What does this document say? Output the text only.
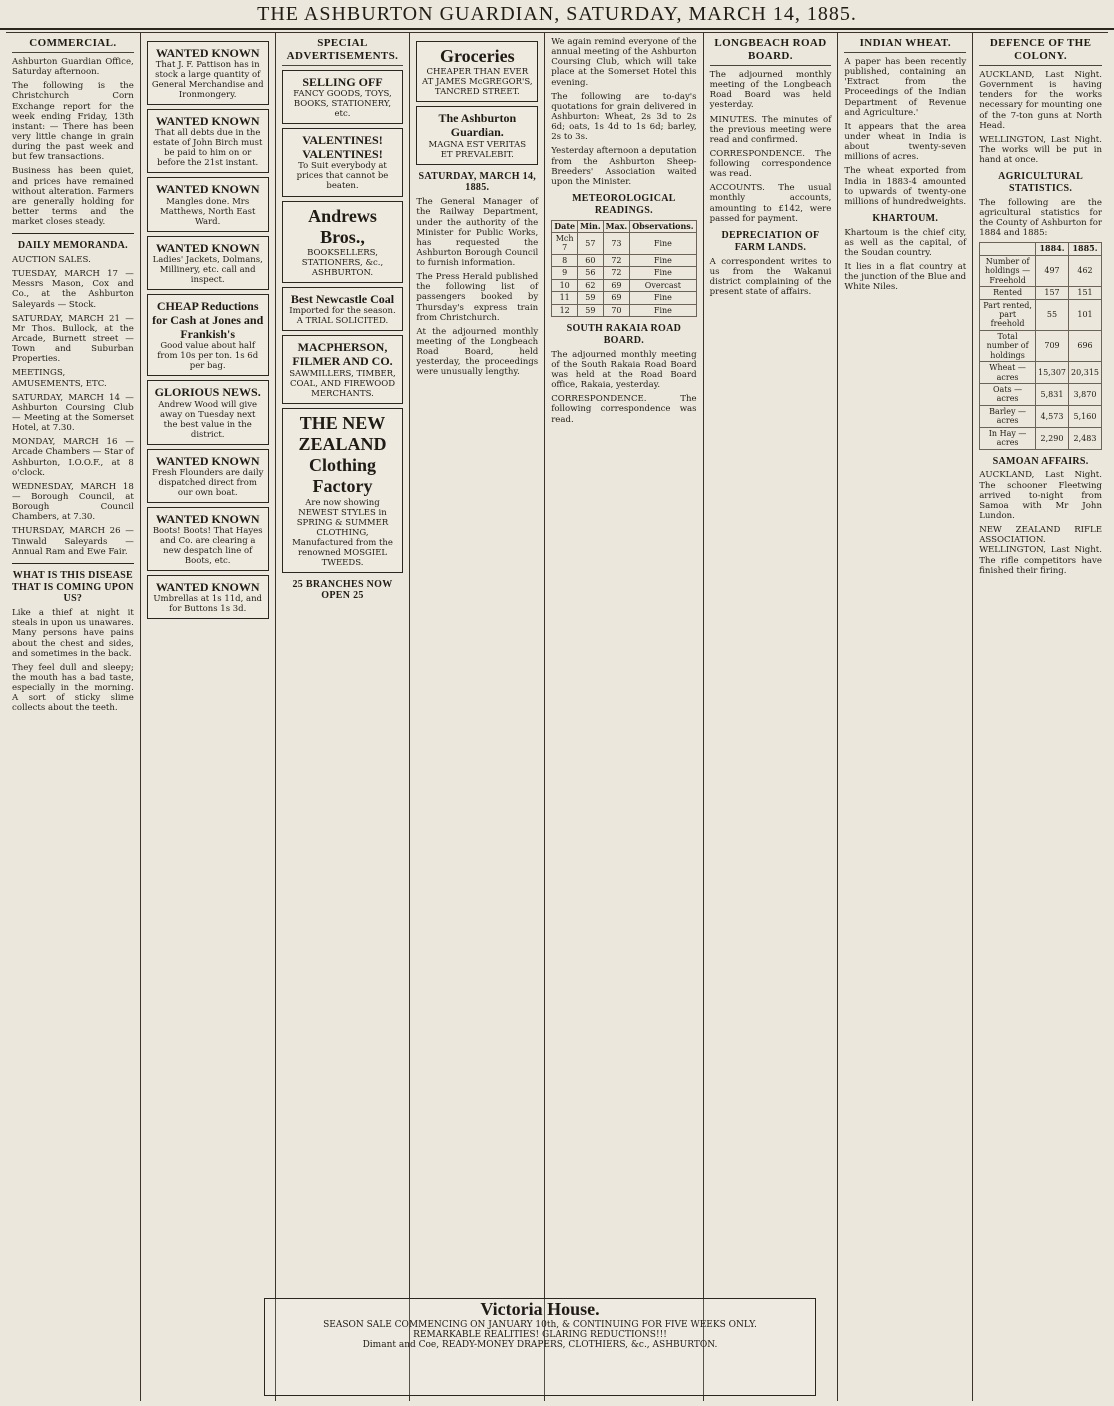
THE ASHBURTON GUARDIAN, SATURDAY, MARCH 14, 1885.
COMMERCIAL.

Ashburton Guardian Office, Saturday afternoon.

The following is the Christchurch Corn Exchange report for the week ending Friday, 13th instant: — There has been very little change in grain during the past week and but few transactions.

Business has been quiet, and prices have remained without alteration. Farmers are generally holding for better terms and the market closes steady.

DAILY MEMORANDA.

AUCTION SALES.

TUESDAY, MARCH 17 — Messrs Mason, Cox and Co., at the Ashburton Saleyards — Stock.

SATURDAY, MARCH 21 — Mr Thos. Bullock, at the Arcade, Burnett street — Town and Suburban Properties.

MEETINGS, AMUSEMENTS, ETC.

SATURDAY, MARCH 14 — Ashburton Coursing Club — Meeting at the Somerset Hotel, at 7.30.

MONDAY, MARCH 16 — Arcade Chambers — Star of Ashburton, I.O.O.F., at 8 o'clock.

WEDNESDAY, MARCH 18 — Borough Council, at Borough Council Chambers, at 7.30.

THURSDAY, MARCH 26 — Tinwald Saleyards — Annual Ram and Ewe Fair.

WHAT IS THIS DISEASE THAT IS COMING UPON US?

Like a thief at night it steals in upon us unawares. Many persons have pains about the chest and sides, and sometimes in the back.

They feel dull and sleepy; the mouth has a bad taste, especially in the morning. A sort of sticky slime collects about the teeth.

WANTED KNOWN
That J. F. Pattison has in stock a large quantity of General Merchandise and Ironmongery.
WANTED KNOWN
That all debts due in the estate of John Birch must be paid to him on or before the 21st instant.
WANTED KNOWN
Mangles done. Mrs Matthews, North East Ward.
WANTED KNOWN
Ladies' Jackets, Dolmans, Millinery, etc. call and inspect.
CHEAP Reductions for Cash at Jones and Frankish's
Good value about half from 10s per ton. 1s 6d per bag.
GLORIOUS NEWS.
Andrew Wood will give away on Tuesday next the best value in the district.
WANTED KNOWN
Fresh Flounders are daily dispatched direct from our own boat.
WANTED KNOWN
Boots! Boots! That Hayes and Co. are clearing a new despatch line of Boots, etc.
WANTED KNOWN
Umbrellas at 1s 11d, and for Buttons 1s 3d.
SPECIAL ADVERTISEMENTS.
SELLING OFF
FANCY GOODS, TOYS, BOOKS, STATIONERY, etc.
VALENTINES! VALENTINES!
To Suit everybody at prices that cannot be beaten.
Andrews Bros.,
BOOKSELLERS, STATIONERS, &c., ASHBURTON.
Best Newcastle Coal
Imported for the season. A TRIAL SOLICITED.
MACPHERSON, FILMER AND CO.
SAWMILLERS, TIMBER, COAL, AND FIREWOOD MERCHANTS.
THE NEW ZEALAND Clothing Factory
Are now showing NEWEST STYLES in SPRING & SUMMER CLOTHING, Manufactured from the renowned MOSGIEL TWEEDS.
25 BRANCHES NOW OPEN 25
Groceries
CHEAPER THAN EVER AT JAMES McGREGOR'S, TANCRED STREET.
The Ashburton Guardian.
MAGNA EST VERITAS ET PREVALEBIT.
SATURDAY, MARCH 14, 1885.

The General Manager of the Railway Department, under the authority of the Minister for Public Works, has requested the Ashburton Borough Council to furnish information.

The Press Herald published the following list of passengers booked by Thursday's express train from Christchurch.

At the adjourned monthly meeting of the Longbeach Road Board, held yesterday, the proceedings were unusually lengthy.

We again remind everyone of the annual meeting of the Ashburton Coursing Club, which will take place at the Somerset Hotel this evening.

The following are to-day's quotations for grain delivered in Ashburton: Wheat, 2s 3d to 2s 6d; oats, 1s 4d to 1s 6d; barley, 2s to 3s.

Yesterday afternoon a deputation from the Ashburton Sheep-Breeders' Association waited upon the Minister.

METEOROLOGICAL READINGS.
Date	Min.	Max.	Observations.
Mch 7	57	73	Fine
8	60	72	Fine
9	56	72	Fine
10	62	69	Overcast
11	59	69	Fine
12	59	70	Fine
SOUTH RAKAIA ROAD BOARD.

The adjourned monthly meeting of the South Rakaia Road Board was held at the Road Board office, Rakaia, yesterday.

CORRESPONDENCE. The following correspondence was read.

LONGBEACH ROAD BOARD.

The adjourned monthly meeting of the Longbeach Road Board was held yesterday.

MINUTES. The minutes of the previous meeting were read and confirmed.

CORRESPONDENCE. The following correspondence was read.

ACCOUNTS. The usual monthly accounts, amounting to £142, were passed for payment.

DEPRECIATION OF FARM LANDS.

A correspondent writes to us from the Wakanui district complaining of the present state of affairs.

INDIAN WHEAT.

A paper has been recently published, containing an 'Extract from the Proceedings of the Indian Department of Revenue and Agriculture.'

It appears that the area under wheat in India is about twenty-seven millions of acres.

The wheat exported from India in 1883-4 amounted to upwards of twenty-one millions of hundredweights.

KHARTOUM.

Khartoum is the chief city, as well as the capital, of the Soudan country.

It lies in a flat country at the junction of the Blue and White Niles.

DEFENCE OF THE COLONY.

AUCKLAND, Last Night. Government is having tenders for the works necessary for mounting one of the 7-ton guns at North Head.

WELLINGTON, Last Night. The works will be put in hand at once.

AGRICULTURAL STATISTICS.

The following are the agricultural statistics for the County of Ashburton for 1884 and 1885:

	1884.	1885.
Number of holdings — Freehold	497	462
Rented	157	151
Part rented, part freehold	55	101
Total number of holdings	709	696
Wheat — acres	15,307	20,315
Oats — acres	5,831	3,870
Barley — acres	4,573	5,160
In Hay — acres	2,290	2,483
SAMOAN AFFAIRS.

AUCKLAND, Last Night. The schooner Fleetwing arrived to-night from Samoa with Mr John Lundon.

NEW ZEALAND RIFLE ASSOCIATION. WELLINGTON, Last Night. The rifle competitors have finished their firing.

Victoria House.
SEASON SALE COMMENCING ON JANUARY 10th, & CONTINUING FOR FIVE WEEKS ONLY.
REMARKABLE REALITIES! GLARING REDUCTIONS!!!
Dimant and Coe, READY-MONEY DRAPERS, CLOTHIERS, &c., ASHBURTON.
